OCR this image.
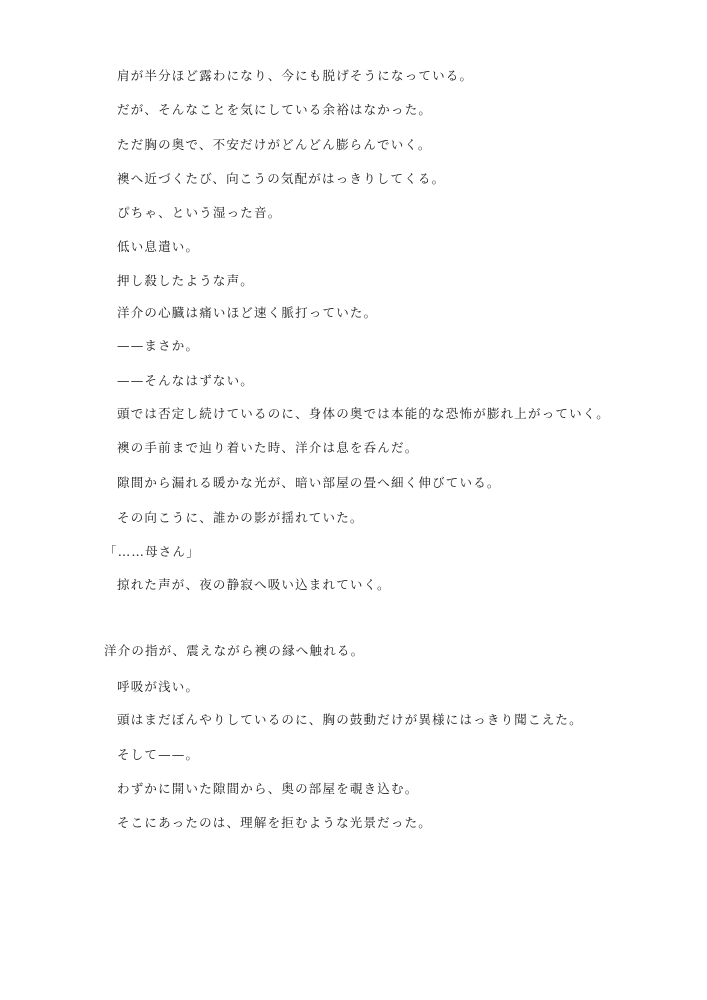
肩が半分ほど露わになり、今にも脱げそうになっている。
だが、そんなことを気にしている余裕はなかった。
ただ胸の奥で、不安だけがどんどん膨らんでいく。
襖へ近づくたび、向こうの気配がはっきりしてくる。
ぴちゃ、という湿った音。
低い息遣い。
押し殺したような声。
洋介の心臓は痛いほど速く脈打っていた。
——まさか。
——そんなはずない。
頭では否定し続けているのに、身体の奥では本能的な恐怖が膨れ上がっていく。
襖の手前まで辿り着いた時、洋介は息を呑んだ。
隙間から漏れる暖かな光が、暗い部屋の畳へ細く伸びている。
その向こうに、誰かの影が揺れていた。
「……母さん」
掠れた声が、夜の静寂へ吸い込まれていく。
洋介の指が、震えながら襖の縁へ触れる。
呼吸が浅い。
頭はまだぼんやりしているのに、胸の鼓動だけが異様にはっきり聞こえた。
そして——。
わずかに開いた隙間から、奥の部屋を覗き込む。
そこにあったのは、理解を拒むような光景だった。
